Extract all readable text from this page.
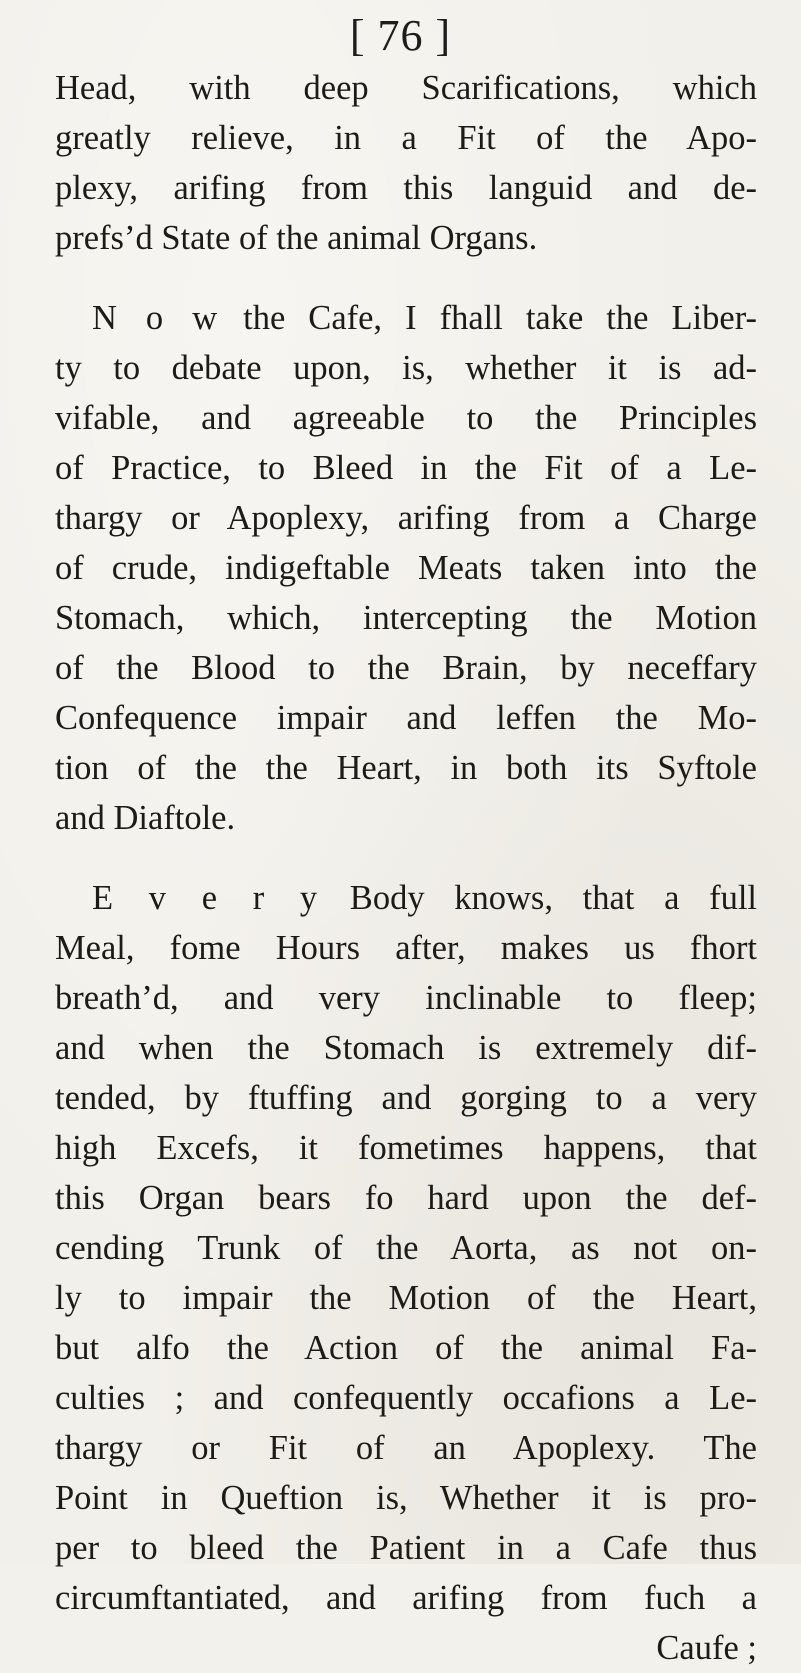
[ 76 ]

Head, with deep Scarifications, which
greatly relieve, in a Fit of the Apo-
plexy, arifing from this languid and de-
prefs’d State of the animal Organs.

N o w the Cafe, I fhall take the Liber-
ty to debate upon, is, whether it is ad-
vifable, and agreeable to the Principles
of Practice, to Bleed in the Fit of a Le-
thargy or Apoplexy, arifing from a Charge
of crude, indigeftable Meats taken into the
Stomach, which, intercepting the Motion
of the Blood to the Brain, by neceffary
Confequence impair and leffen the Mo-
tion of the the Heart, in both its Syftole
and Diaftole.

E v e r y Body knows, that a full
Meal, fome Hours after, makes us fhort
breath’d, and very inclinable to fleep;
and when the Stomach is extremely dif-
tended, by ftuffing and gorging to a very
high Excefs, it fometimes happens, that
this Organ bears fo hard upon the def-
cending Trunk of the Aorta, as not on-
ly to impair the Motion of the Heart,
but alfo the Action of the animal Fa-
culties ; and confequently occafions a Le-
thargy or Fit of an Apoplexy. The
Point in Queftion is, Whether it is pro-
per to bleed the Patient in a Cafe thus
circumftantiated, and arifing from fuch a
Caufe ;
